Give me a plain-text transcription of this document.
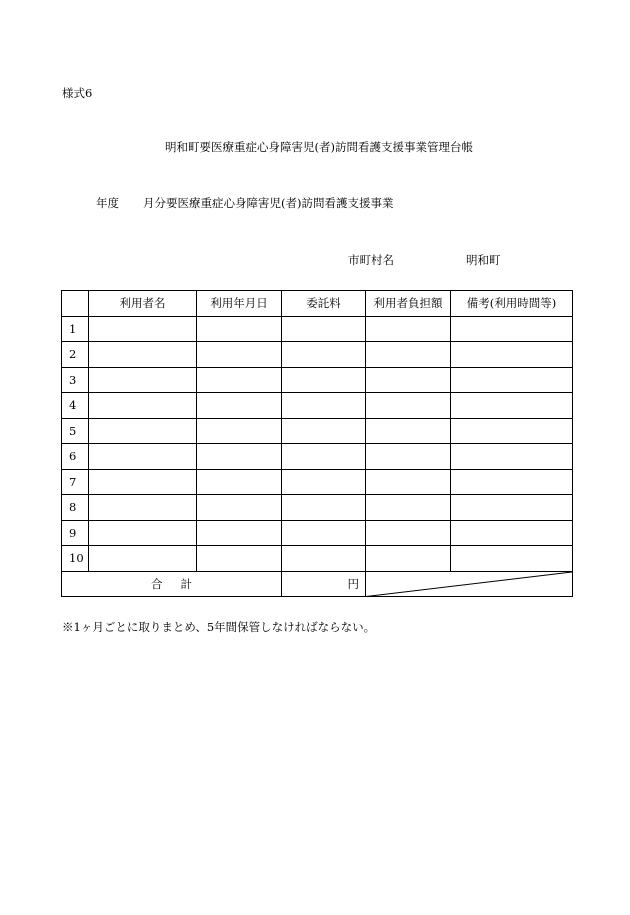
様式6
明和町要医療重症心身障害児(者)訪問看護支援事業管理台帳
年度 月分要医療重症心身障害児(者)訪問看護支援事業
市町村名	明和町
	利用者名	利用年月日	委託料	利用者負担額	備考(利用時間等)
1					
2					
3					
4					
5					
6					
7					
8					
9					
10					
合 計			円	
※1ヶ月ごとに取りまとめ、5年間保管しなければならない。
